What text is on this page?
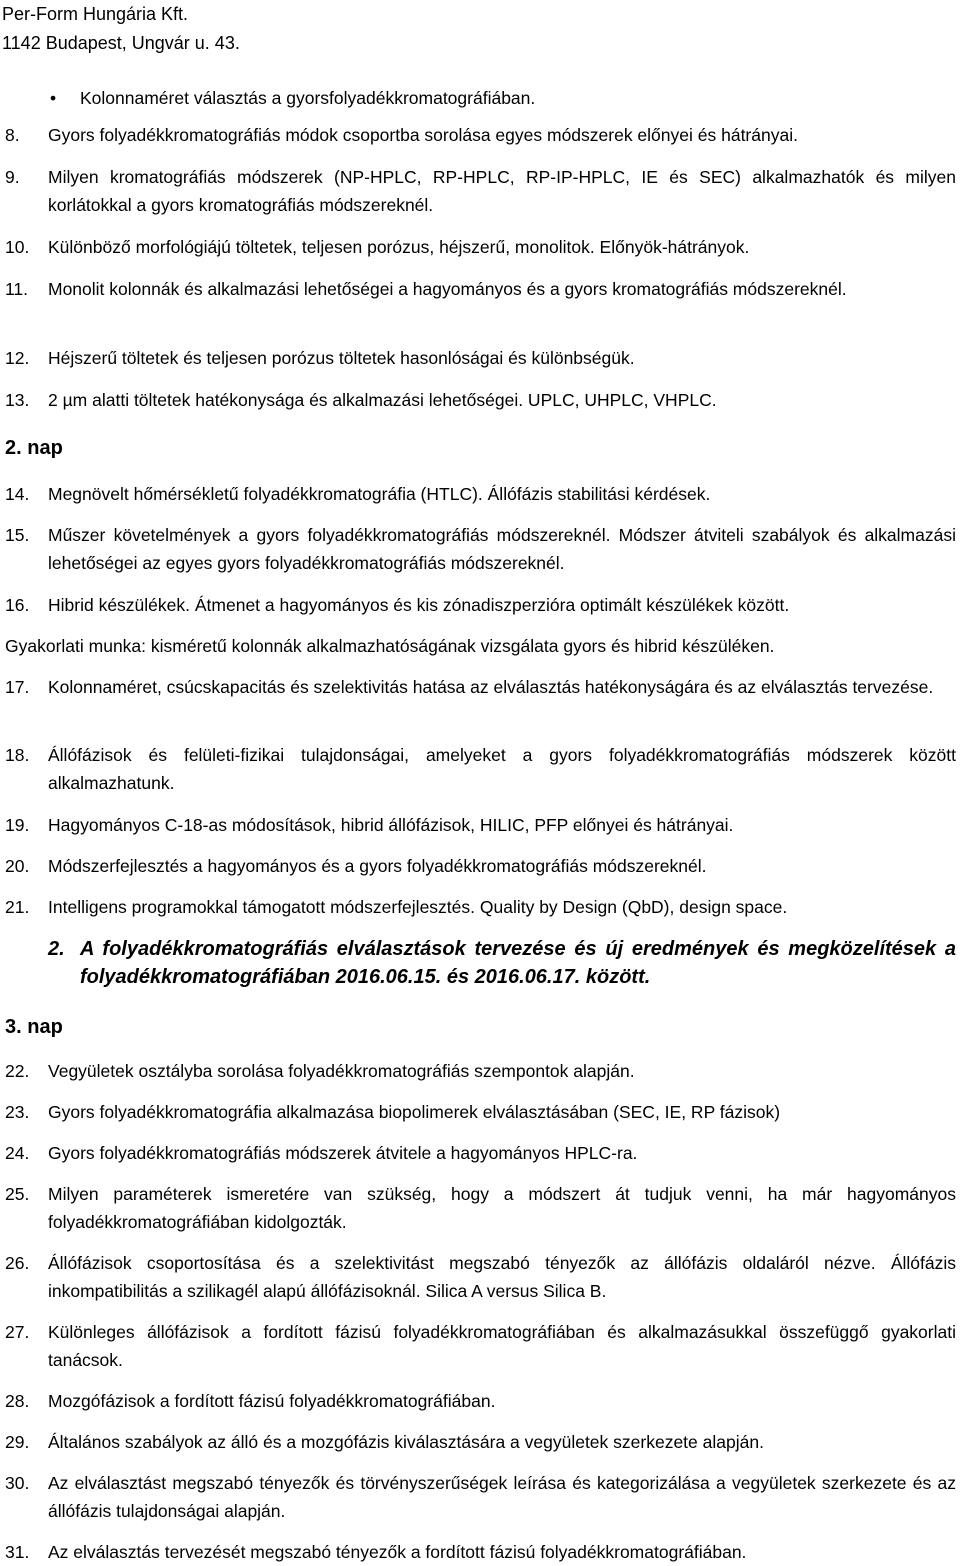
Per-Form Hungária Kft.
1142 Budapest, Ungvár u. 43.
• Kolonnaméret választás a gyorsfolyadékkromatográfiában.
8. Gyors folyadékkromatográfiás módok csoportba sorolása egyes módszerek előnyei és hátrányai.
9. Milyen kromatográfiás módszerek (NP-HPLC, RP-HPLC, RP-IP-HPLC, IE és SEC) alkalmazhatók és milyen korlátokkal a gyors kromatográfiás módszereknél.
10. Különböző morfológiájú töltetek, teljesen porózus, héjszerű, monolitok. Előnyök-hátrányok.
11. Monolit kolonnák és alkalmazási lehetőségei a hagyományos és a gyors kromatográfiás módszereknél.
12. Héjszerű töltetek és teljesen porózus töltetek hasonlóságai és különbségük.
13. 2 µm alatti töltetek hatékonysága és alkalmazási lehetőségei. UPLC, UHPLC, VHPLC.
2. nap
14. Megnövelt hőmérsékletű folyadékkromatográfia (HTLC). Állófázis stabilitási kérdések.
15. Műszer követelmények a gyors folyadékkromatográfiás módszereknél. Módszer átviteli szabályok és alkalmazási lehetőségei az egyes gyors folyadékkromatográfiás módszereknél.
16. Hibrid készülékek. Átmenet a hagyományos és kis zónadiszperzióra optimált készülékek között.
Gyakorlati munka: kisméretű kolonnák alkalmazhatóságának vizsgálata gyors és hibrid készüléken.
17. Kolonnaméret, csúcskapacitás és szelektivitás hatása az elválasztás hatékonyságára és az elválasztás tervezése.
18. Állófázisok és felületi-fizikai tulajdonságai, amelyeket a gyors folyadékkromatográfiás módszerek között alkalmazhatunk.
19. Hagyományos C-18-as módosítások, hibrid állófázisok, HILIC, PFP előnyei és hátrányai.
20. Módszerfejlesztés a hagyományos és a gyors folyadékkromatográfiás módszereknél.
21. Intelligens programokkal támogatott módszerfejlesztés. Quality by Design (QbD), design space.
2. A folyadékkromatográfiás elválasztások tervezése és új eredmények és megközelítések a folyadékkromatográfiában 2016.06.15. és 2016.06.17. között.
3. nap
22. Vegyületek osztályba sorolása folyadékkromatográfiás szempontok alapján.
23. Gyors folyadékkromatográfia alkalmazása biopolimerek elválasztásában (SEC, IE, RP fázisok)
24. Gyors folyadékkromatográfiás módszerek átvitele a hagyományos HPLC-ra.
25. Milyen paraméterek ismeretére van szükség, hogy a módszert át tudjuk venni, ha már hagyományos folyadékkromatográfiában kidolgozták.
26. Állófázisok csoportosítása és a szelektivitást megszabó tényezők az állófázis oldaláról nézve. Állófázis inkompatibilitás a szilikagél alapú állófázisoknál. Silica A versus Silica B.
27. Különleges állófázisok a fordított fázisú folyadékkromatográfiában és alkalmazásukkal összefüggő gyakorlati tanácsok.
28. Mozgófázisok a fordított fázisú folyadékkromatográfiában.
29. Általános szabályok az álló és a mozgófázis kiválasztására a vegyületek szerkezete alapján.
30. Az elválasztást megszabó tényezők és törvényszerűségek leírása és kategorizálása a vegyületek szerkezete és az állófázis tulajdonságai alapján.
31. Az elválasztás tervezését megszabó tényezők a fordított fázisú folyadékkromatográfiában.
